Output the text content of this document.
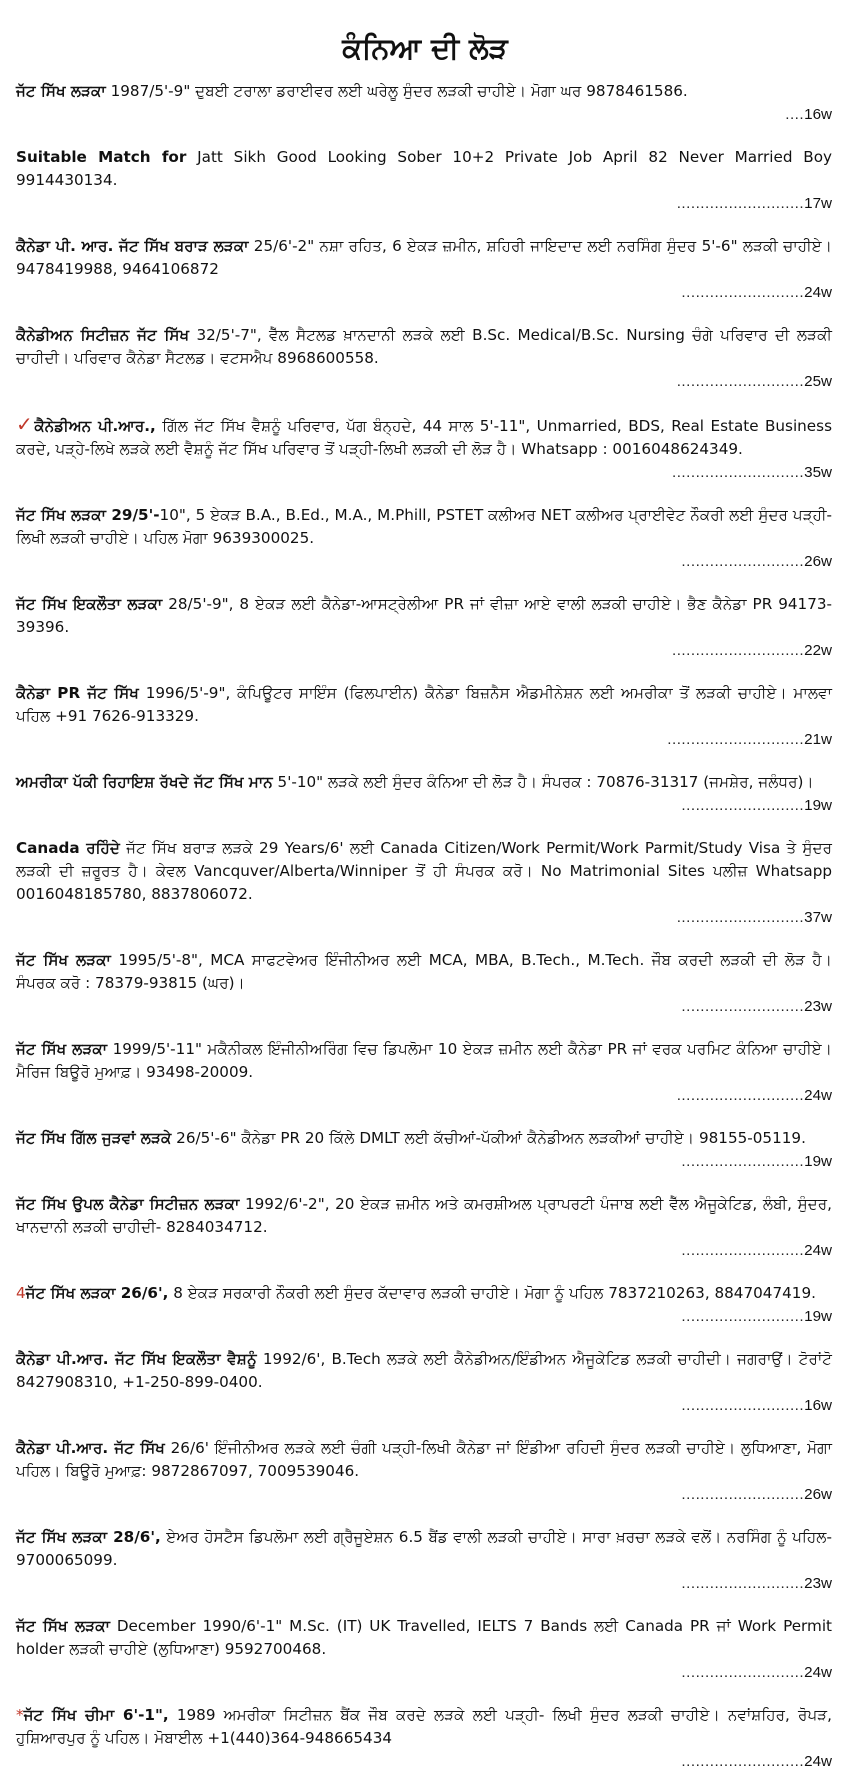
ਕੰਨਿਆ ਦੀ ਲੋੜ
ਜੱਟ ਸਿੱਖ ਲੜਕਾ 1987/5'-9" ਦੁਬਈ ਟਰਾਲਾ ਡਰਾਈਵਰ ਲਈ ਘਰੇਲੂ ਸੁੰਦਰ ਲੜਕੀ ਚਾਹੀਏ। ਮੋਗਾ ਘਰ 9878461586.
.... 16w
Suitable Match for Jatt Sikh Good Looking Sober 10+2 Private Job April 82 Never Married Boy 9914430134.
........................... 17w
ਕੈਨੇਡਾ ਪੀ. ਆਰ. ਜੱਟ ਸਿੱਖ ਬਰਾੜ ਲੜਕਾ 25/6'-2" ਨਸ਼ਾ ਰਹਿਤ, 6 ਏਕੜ ਜ਼ਮੀਨ, ਸ਼ਹਿਰੀ ਜਾਇਦਾਦ ਲਈ ਨਰਸਿੰਗ ਸੁੰਦਰ 5'-6" ਲੜਕੀ ਚਾਹੀਏ। 9478419988, 9464106872
.......................... 24w
ਕੈਨੇਡੀਅਨ ਸਿਟੀਜ਼ਨ ਜੱਟ ਸਿੱਖ 32/5'-7", ਵੈੱਲ ਸੈਟਲਡ ਖ਼ਾਨਦਾਨੀ ਲੜਕੇ ਲਈ B.Sc. Medical/B.Sc. Nursing ਚੰਗੇ ਪਰਿਵਾਰ ਦੀ ਲੜਕੀ ਚਾਹੀਦੀ। ਪਰਿਵਾਰ ਕੈਨੇਡਾ ਸੈਟਲਡ। ਵਟਸਐਪ 8968600558.
........................... 25w
✓ਕੈਨੇਡੀਅਨ ਪੀ.ਆਰ., ਗਿੱਲ ਜੱਟ ਸਿੱਖ ਵੈਸ਼ਨੂੰ ਪਰਿਵਾਰ, ਪੱਗ ਬੰਨ੍ਹਦੇ, 44 ਸਾਲ 5'-11", Unmarried, BDS, Real Estate Business ਕਰਦੇ, ਪੜ੍ਹੇ-ਲਿਖੇ ਲੜਕੇ ਲਈ ਵੈਸ਼ਨੂੰ ਜੱਟ ਸਿੱਖ ਪਰਿਵਾਰ ਤੋਂ ਪੜ੍ਹੀ-ਲਿਖੀ ਲੜਕੀ ਦੀ ਲੋੜ ਹੈ। Whatsapp : 0016048624349.
............................ 35w
ਜੱਟ ਸਿੱਖ ਲੜਕਾ 29/5'-10", 5 ਏਕੜ B.A., B.Ed., M.A., M.Phill, PSTET ਕਲੀਅਰ NET ਕਲੀਅਰ ਪ੍ਰਾਈਵੇਟ ਨੌਕਰੀ ਲਈ ਸੁੰਦਰ ਪੜ੍ਹੀ-ਲਿਖੀ ਲੜਕੀ ਚਾਹੀਏ। ਪਹਿਲ ਮੋਗਾ 9639300025.
.......................... 26w
ਜੱਟ ਸਿੱਖ ਇਕਲੌਤਾ ਲੜਕਾ 28/5'-9", 8 ਏਕੜ ਲਈ ਕੈਨੇਡਾ-ਆਸਟ੍ਰੇਲੀਆ PR ਜਾਂ ਵੀਜ਼ਾ ਆਏ ਵਾਲੀ ਲੜਕੀ ਚਾਹੀਏ। ਭੈਣ ਕੈਨੇਡਾ PR 94173-39396.
............................ 22w
ਕੈਨੇਡਾ PR ਜੱਟ ਸਿੱਖ 1996/5'-9", ਕੰਪਿਊਟਰ ਸਾਇੰਸ (ਫਿਲਪਾਈਨ) ਕੈਨੇਡਾ ਬਿਜ਼ਨੈਸ ਐਡਮੀਨੇਸ਼ਨ ਲਈ ਅਮਰੀਕਾ ਤੋਂ ਲੜਕੀ ਚਾਹੀਏ। ਮਾਲਵਾ ਪਹਿਲ +91 7626-913329.
............................. 21w
ਅਮਰੀਕਾ ਪੱਕੀ ਰਿਹਾਇਸ਼ ਰੱਖਦੇ ਜੱਟ ਸਿੱਖ ਮਾਨ 5'-10" ਲੜਕੇ ਲਈ ਸੁੰਦਰ ਕੰਨਿਆ ਦੀ ਲੋੜ ਹੈ। ਸੰਪਰਕ : 70876-31317 (ਜਮਸ਼ੇਰ, ਜਲੰਧਰ)।
.......................... 19w
Canada ਰਹਿੰਦੇ ਜੱਟ ਸਿੱਖ ਬਰਾੜ ਲੜਕੇ 29 Years/6' ਲਈ Canada Citizen/Work Permit/Work Parmit/Study Visa ਤੇ ਸੁੰਦਰ ਲੜਕੀ ਦੀ ਜ਼ਰੂਰਤ ਹੈ। ਕੇਵਲ Vancquver/Alberta/Winniper ਤੋਂ ਹੀ ਸੰਪਰਕ ਕਰੋ। No Matrimonial Sites ਪਲੀਜ਼ Whatsapp 0016048185780, 8837806072.
........................... 37w
ਜੱਟ ਸਿੱਖ ਲੜਕਾ 1995/5'-8", MCA ਸਾਫਟਵੇਅਰ ਇੰਜੀਨੀਅਰ ਲਈ MCA, MBA, B.Tech., M.Tech. ਜੌਬ ਕਰਦੀ ਲੜਕੀ ਦੀ ਲੋੜ ਹੈ। ਸੰਪਰਕ ਕਰੋ : 78379-93815 (ਘਰ)।
.......................... 23w
ਜੱਟ ਸਿੱਖ ਲੜਕਾ 1999/5'-11" ਮਕੈਨੀਕਲ ਇੰਜੀਨੀਅਰਿੰਗ ਵਿਚ ਡਿਪਲੋਮਾ 10 ਏਕੜ ਜ਼ਮੀਨ ਲਈ ਕੈਨੇਡਾ PR ਜਾਂ ਵਰਕ ਪਰਮਿਟ ਕੰਨਿਆ ਚਾਹੀਏ। ਮੈਰਿਜ ਬਿਊਰੋ ਮੁਆਫ਼। 93498-20009.
........................... 24w
ਜੱਟ ਸਿੱਖ ਗਿੱਲ ਜੁੜਵਾਂ ਲੜਕੇ 26/5'-6" ਕੈਨੇਡਾ PR 20 ਕਿੱਲੇ DMLT ਲਈ ਕੱਚੀਆਂ-ਪੱਕੀਆਂ ਕੈਨੇਡੀਅਨ ਲੜਕੀਆਂ ਚਾਹੀਏ। 98155-05119.
.......................... 19w
ਜੱਟ ਸਿੱਖ ਉਪਲ ਕੈਨੇਡਾ ਸਿਟੀਜ਼ਨ ਲੜਕਾ 1992/6'-2", 20 ਏਕੜ ਜ਼ਮੀਨ ਅਤੇ ਕਮਰਸ਼ੀਅਲ ਪ੍ਰਾਪਰਟੀ ਪੰਜਾਬ ਲਈ ਵੈੱਲ ਐਜੂਕੇਟਿਡ, ਲੰਬੀ, ਸੁੰਦਰ, ਖਾਨਦਾਨੀ ਲੜਕੀ ਚਾਹੀਦੀ- 8284034712.
.......................... 24w
4ਜੱਟ ਸਿੱਖ ਲੜਕਾ 26/6', 8 ਏਕੜ ਸਰਕਾਰੀ ਨੌਕਰੀ ਲਈ ਸੁੰਦਰ ਕੱਦਾਵਾਰ ਲੜਕੀ ਚਾਹੀਏ। ਮੋਗਾ ਨੂੰ ਪਹਿਲ 7837210263, 8847047419.
.......................... 19w
ਕੈਨੇਡਾ ਪੀ.ਆਰ. ਜੱਟ ਸਿੱਖ ਇਕਲੌਤਾ ਵੈਸ਼ਨੂੰ 1992/6', B.Tech ਲੜਕੇ ਲਈ ਕੈਨੇਡੀਅਨ/ਇੰਡੀਅਨ ਐਜੂਕੇਟਿਡ ਲੜਕੀ ਚਾਹੀਦੀ। ਜਗਰਾਉਂ। ਟੋਰਾਂਟੋ 8427908310, +1-250-899-0400.
.......................... 16w
ਕੈਨੇਡਾ ਪੀ.ਆਰ. ਜੱਟ ਸਿੱਖ 26/6' ਇੰਜੀਨੀਅਰ ਲੜਕੇ ਲਈ ਚੰਗੀ ਪੜ੍ਹੀ-ਲਿਖੀ ਕੈਨੇਡਾ ਜਾਂ ਇੰਡੀਆ ਰਹਿਦੀ ਸੁੰਦਰ ਲੜਕੀ ਚਾਹੀਏ। ਲੁਧਿਆਣਾ, ਮੋਗਾ ਪਹਿਲ। ਬਿਊਰੋ ਮੁਆਫ਼: 9872867097, 7009539046.
.......................... 26w
ਜੱਟ ਸਿੱਖ ਲੜਕਾ 28/6', ਏਅਰ ਹੋਸਟੈਸ ਡਿਪਲੋਮਾ ਲਈ ਗ੍ਰੈਜੂਏਸ਼ਨ 6.5 ਬੈਂਡ ਵਾਲੀ ਲੜਕੀ ਚਾਹੀਏ। ਸਾਰਾ ਖ਼ਰਚਾ ਲੜਕੇ ਵਲੋਂ। ਨਰਸਿੰਗ ਨੂੰ ਪਹਿਲ- 9700065099.
.......................... 23w
ਜੱਟ ਸਿੱਖ ਲੜਕਾ December 1990/6'-1" M.Sc. (IT) UK Travelled, IELTS 7 Bands ਲਈ Canada PR ਜਾਂ Work Permit holder ਲੜਕੀ ਚਾਹੀਏ (ਲੁਧਿਆਣਾ) 9592700468.
.......................... 24w
*ਜੱਟ ਸਿੱਖ ਚੀਮਾ 6'-1", 1989 ਅਮਰੀਕਾ ਸਿਟੀਜ਼ਨ ਬੈਂਕ ਜੌਬ ਕਰਦੇ ਲੜਕੇ ਲਈ ਪੜ੍ਹੀ- ਲਿਖੀ ਸੁੰਦਰ ਲੜਕੀ ਚਾਹੀਏ। ਨਵਾਂਸ਼ਹਿਰ, ਰੋਪੜ, ਹੁਸ਼ਿਆਰਪੁਰ ਨੂੰ ਪਹਿਲ। ਮੋਬਾਈਲ +1(440)364-948665434
.......................... 24w
